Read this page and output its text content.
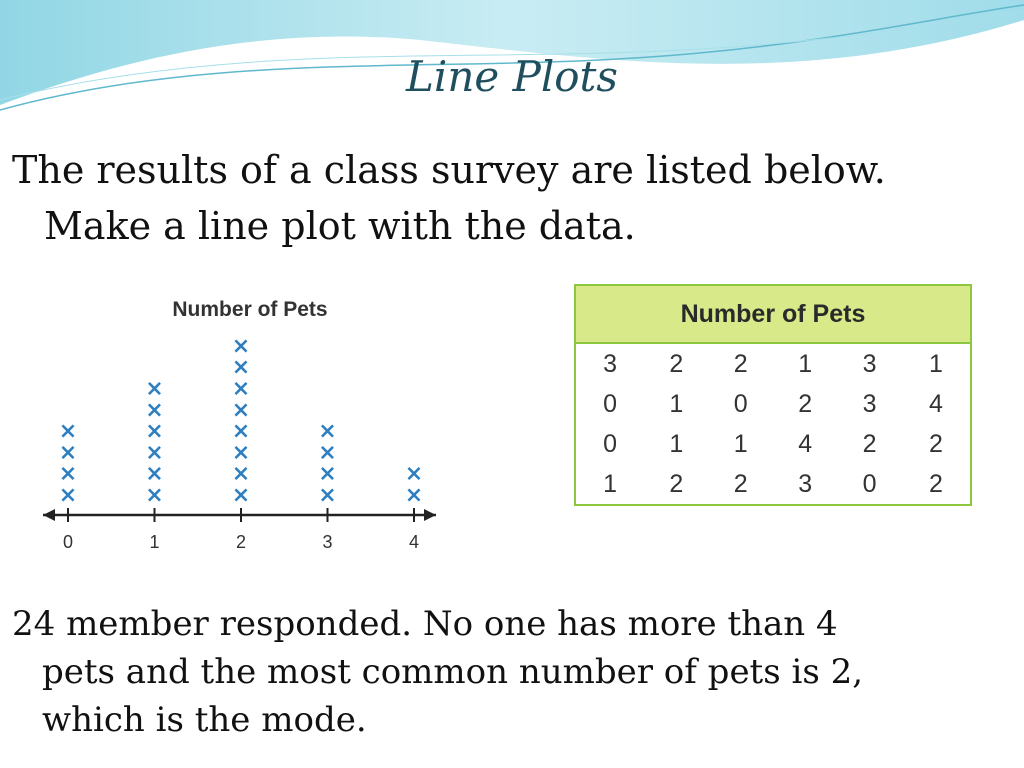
Line Plots
The results of a class survey are listed below.
Make a line plot with the data.
Number of Pets
0
×
×
×
×
1
×
×
×
×
×
×
2
×
×
×
×
×
×
×
×
3
×
×
×
×
4
×
×
Number of Pets					
3	2	2	1	3	1
0	1	0	2	3	4
0	1	1	4	2	2
1	2	2	3	0	2
24 member responded. No one has more than 4
pets and the most common number of pets is 2,
which is the mode.
